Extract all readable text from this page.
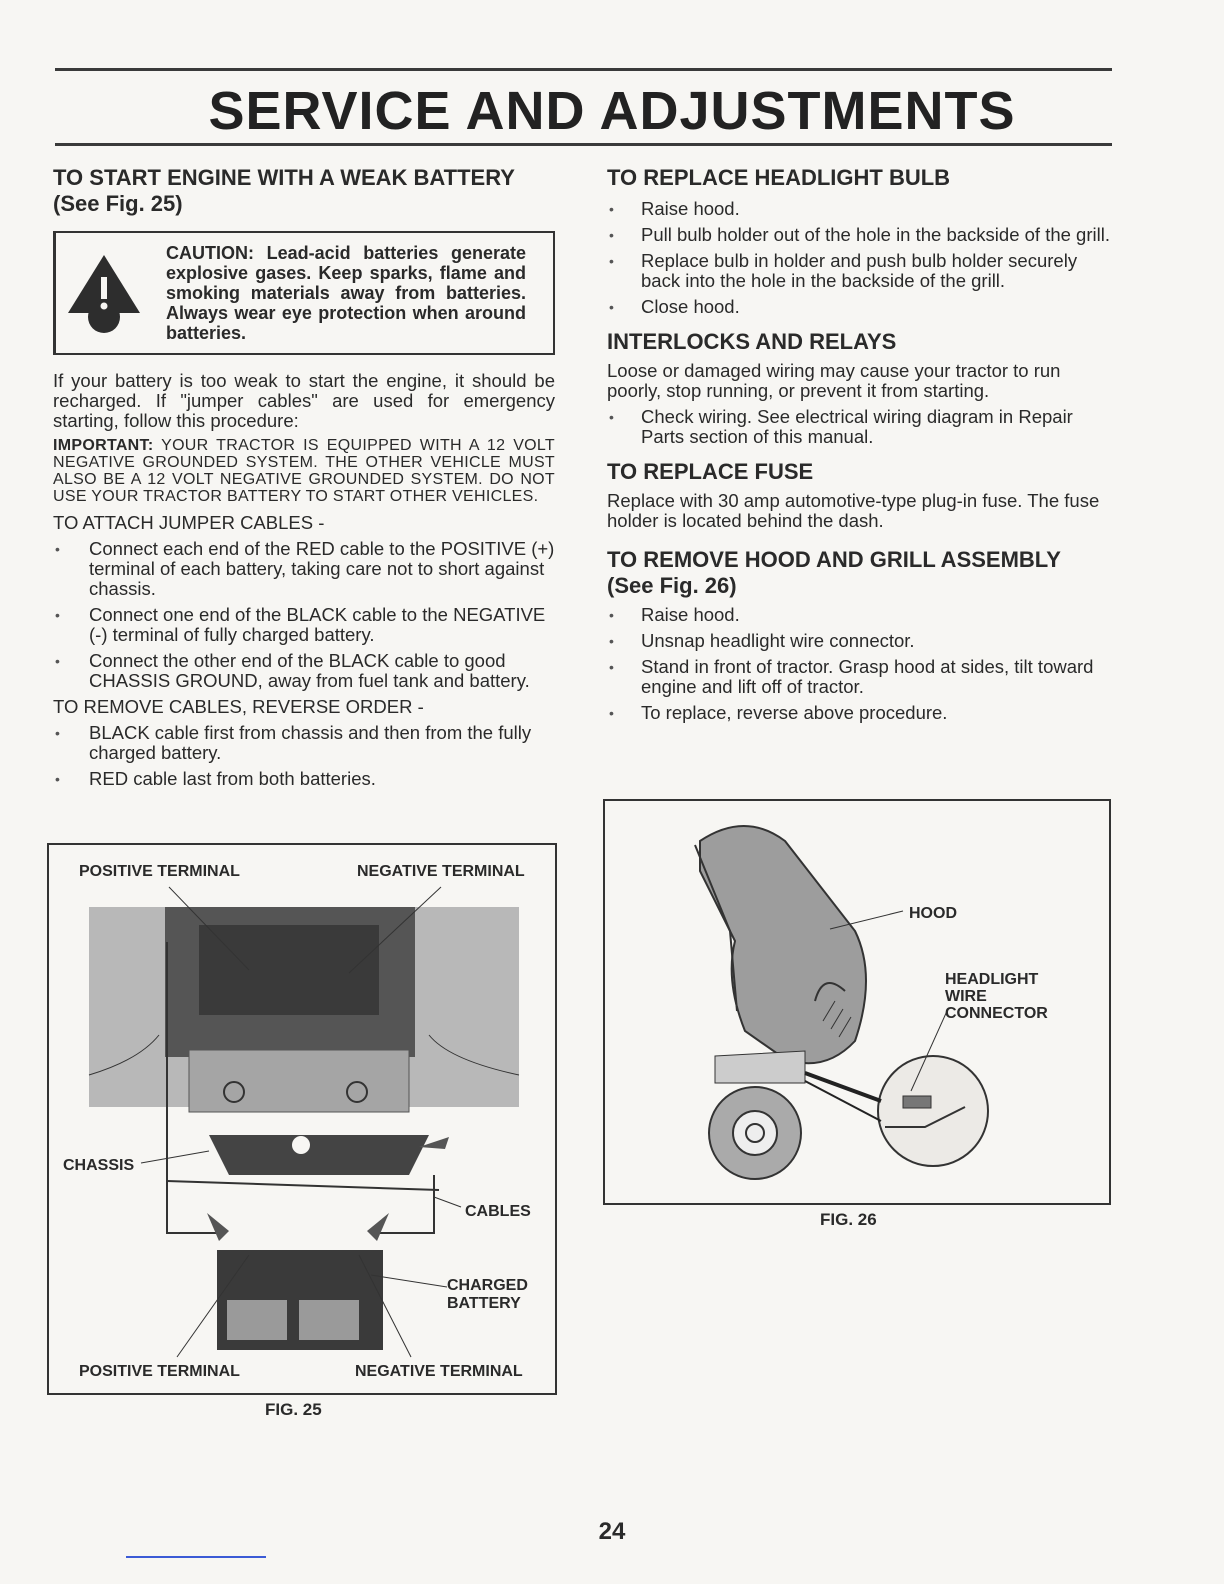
SERVICE AND ADJUSTMENTS
TO START ENGINE WITH A WEAK BATTERY
(See Fig. 25)
CAUTION: Lead-acid batteries generate explosive gases. Keep sparks, flame and smoking materials away from batteries. Always wear eye protection when around batteries.

If your battery is too weak to start the engine, it should be recharged. If "jumper cables" are used for emergency starting, follow this procedure:

IMPORTANT: YOUR TRACTOR IS EQUIPPED WITH A 12 VOLT NEGATIVE GROUNDED SYSTEM. THE OTHER VEHICLE MUST ALSO BE A 12 VOLT NEGATIVE GROUNDED SYSTEM. DO NOT USE YOUR TRACTOR BATTERY TO START OTHER VEHICLES.

TO ATTACH JUMPER CABLES -

• Connect each end of the RED cable to the POSITIVE (+) terminal of each battery, taking care not to short against chassis.
• Connect one end of the BLACK cable to the NEGATIVE (-) terminal of fully charged battery.
• Connect the other end of the BLACK cable to good CHASSIS GROUND, away from fuel tank and battery.

TO REMOVE CABLES, REVERSE ORDER -

• BLACK cable first from chassis and then from the fully charged battery.
• RED cable last from both batteries.
POSITIVE TERMINAL	NEGATIVE TERMINAL
CHASSIS
CABLES
CHARGED
BATTERY
POSITIVE TERMINAL	NEGATIVE TERMINAL
FIG. 25
TO REPLACE HEADLIGHT BULB
• Raise hood.
• Pull bulb holder out of the hole in the backside of the grill.
• Replace bulb in holder and push bulb holder securely back into the hole in the backside of the grill.
• Close hood.
INTERLOCKS AND RELAYS

Loose or damaged wiring may cause your tractor to run poorly, stop running, or prevent it from starting.

• Check wiring. See electrical wiring diagram in Repair Parts section of this manual.
TO REPLACE FUSE

Replace with 30 amp automotive-type plug-in fuse. The fuse holder is located behind the dash.

TO REMOVE HOOD AND GRILL ASSEMBLY
(See Fig. 26)
• Raise hood.
• Unsnap headlight wire connector.
• Stand in front of tractor. Grasp hood at sides, tilt toward engine and lift off of tractor.
• To replace, reverse above procedure.
HOOD
HEADLIGHT
WIRE
CONNECTOR
FIG. 26
24
